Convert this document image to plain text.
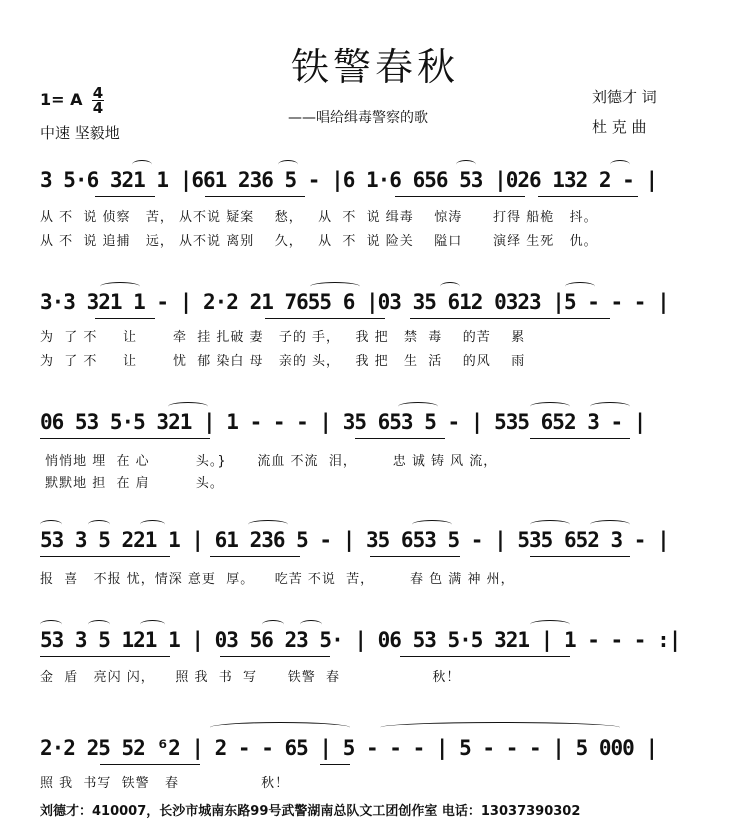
铁警春秋
1= A 4
4
中速 坚毅地
——唱给缉毒警察的歌
刘德才 词
杜 克 曲
3 5·6 321 1 |661 236 5 - |6 1·6 656 53 |026 132 2 - |
从 不  说 侦察   苦， 从不说 疑案    愁，   从  不  说 缉毒    惊涛      打得 船桅   抖。
从 不  说 追捕   远， 从不说 离别    久，   从  不  说 险关    隘口      演绎 生死   仇。
3·3 321 1 - | 2·2 21 7655 6 |03 35 612 0323 |5 - - - |
为  了 不     让       牵  挂 扎破 妻   子的 手，   我 把   禁  毒    的苦    累
为  了 不     让       忧  郁 染白 母   亲的 头，   我 把   生  活    的风    雨
06 53 5·5 321 | 1 - - - | 35 653 5 - | 535 652 3 - |
悄悄地 埋  在 心         头。}      流血 不流  泪，       忠 诚 铸 风 流，
默默地 担  在 肩         头。
53 3 5 221 1 | 61 236 5 - | 35 653 5 - | 535 652 3 - |
报  喜   不报 忧，情深 意更  厚。    吃苦 不说  苦，       春 色 满 神 州，
53 3 5 121 1 | 03 56 23 5· | 06 53 5·5 321 | 1 - - - :|
金  盾   亮闪 闪，    照 我  书  写      铁警  春                  秋！
2·2 25 52 ⁶2 | 2 - - 65 | 5 - - - | 5 - - - | 5 000 |
照 我  书写  铁警   春                秋！
刘德才：410007，长沙市城南东路99号武警湖南总队文工团创作室 电话：13037390302
